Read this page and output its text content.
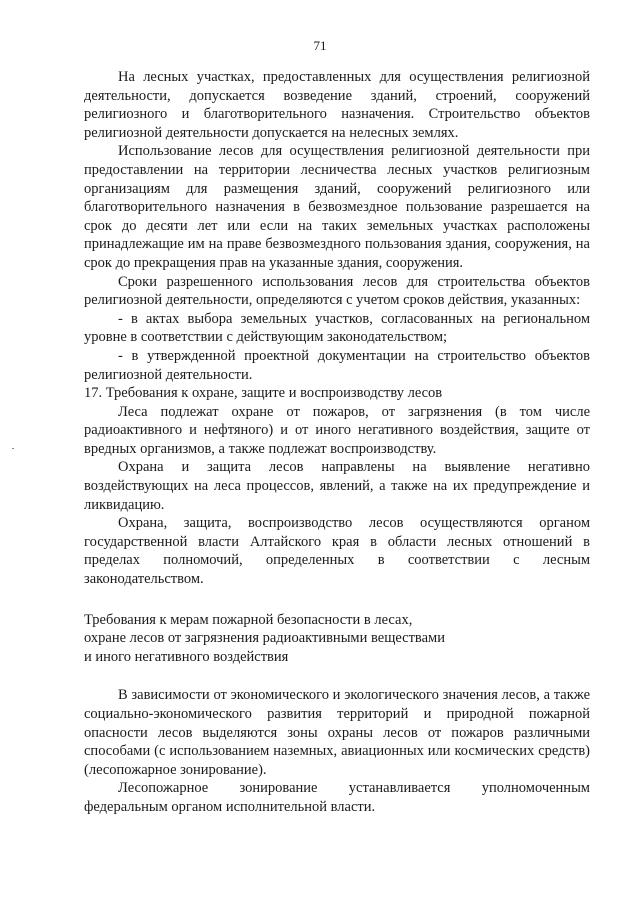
71

На лесных участках, предоставленных для осуществления религиозной деятельности, допускается возведение зданий, строений, сооружений религиозного и благотворительного назначения. Строительство объектов религиозной деятельности допускается на нелесных землях.

Использование лесов для осуществления религиозной деятельности при предоставлении на территории лесничества лесных участков религиозным организациям для размещения зданий, сооружений религиозного или благотворительного назначения в безвозмездное пользование разрешается на срок до десяти лет или если на таких земельных участках расположены принадлежащие им на праве безвозмездного пользования здания, сооружения, на срок до прекращения прав на указанные здания, сооружения.

Сроки разрешенного использования лесов для строительства объектов религиозной деятельности, определяются с учетом сроков действия, указанных:

- в актах выбора земельных участков, согласованных на региональном уровне в соответствии с действующим законодательством;

- в утвержденной проектной документации на строительство объектов религиозной деятельности.

17. Требования к охране, защите и воспроизводству лесов

Леса подлежат охране от пожаров, от загрязнения (в том числе радиоактивного и нефтяного) и от иного негативного воздействия, защите от вредных организмов, а также подлежат воспроизводству.

Охрана и защита лесов направлены на выявление негативно воздействующих на леса процессов, явлений, а также на их предупреждение и ликвидацию.

Охрана, защита, воспроизводство лесов осуществляются органом государственной власти Алтайского края в области лесных отношений в пределах полномочий, определенных в соответствии с лесным законодательством.

Требования к мерам пожарной безопасности в лесах,

охране лесов от загрязнения радиоактивными веществами

и иного негативного воздействия

В зависимости от экономического и экологического значения лесов, а также социально-экономического развития территорий и природной пожарной опасности лесов выделяются зоны охраны лесов от пожаров различными способами (с использованием наземных, авиационных или космических средств) (лесопожарное зонирование).

Лесопожарное зонирование устанавливается уполномоченным федеральным органом исполнительной власти.
